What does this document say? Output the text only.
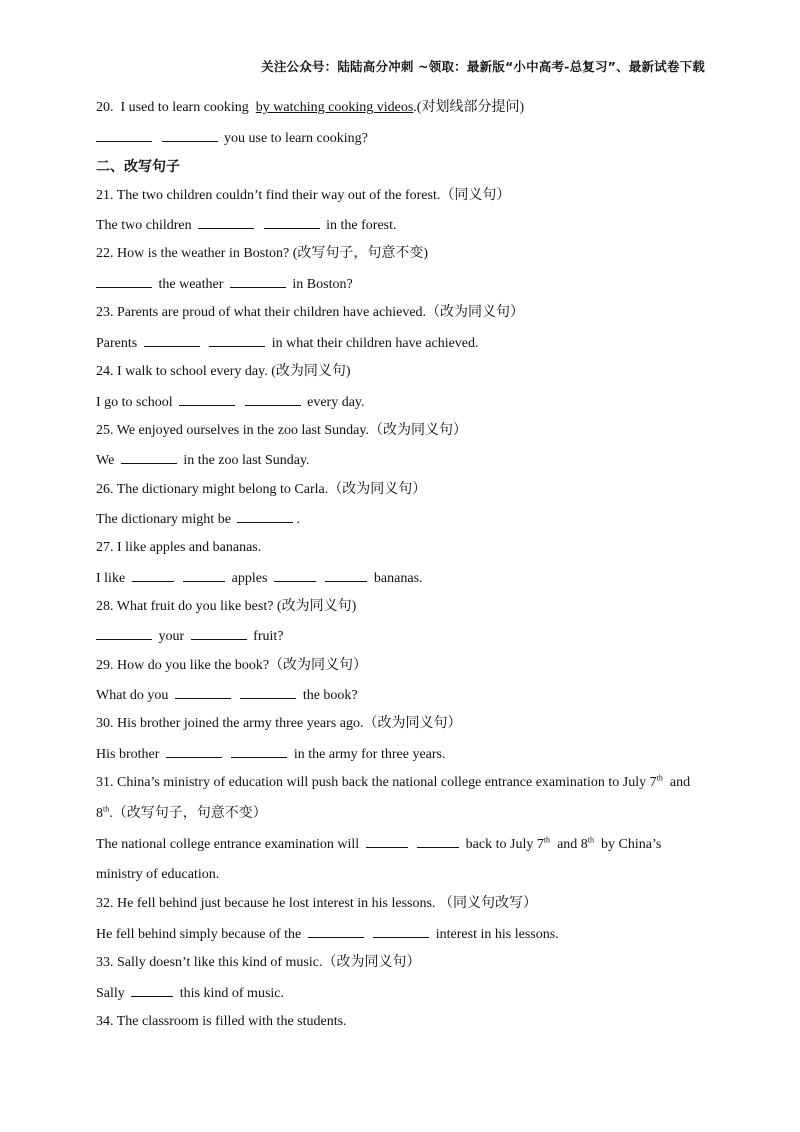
关注公众号：陆陆高分冲刺 ~领取：最新版“小中高考-总复习”、最新试卷下载
20. I used to learn cooking by watching cooking videos.(对划线部分提问)
you use to learn cooking?
二、改写句子
21. The two children couldn’t find their way out of the forest.（同义句）
The two children	in the forest.
22. How is the weather in Boston? (改写句子，句意不变)
the weather	in Boston?
23. Parents are proud of what their children have achieved.（改为同义句）
Parents	in what their children have achieved.
24. I walk to school every day. (改为同义句)
I go to school	every day.
25. We enjoyed ourselves in the zoo last Sunday.（改为同义句）
We	in the zoo last Sunday.
26. The dictionary might belong to Carla.（改为同义句）
The dictionary might be	.
27. I like apples and bananas.
I like	apples	bananas.
28. What fruit do you like best? (改为同义句)
your	fruit?
29. How do you like the book?（改为同义句）
What do you	the book?
30. His brother joined the army three years ago.（改为同义句）
His brother	in the army for three years.
31. China’s ministry of education will push back the national college entrance examination to July 7th and
8th.（改写句子，句意不变）
The national college entrance examination will	back to July 7th and 8th by China’s
ministry of education.
32. He fell behind just because he lost interest in his lessons. （同义句改写）
He fell behind simply because of the	interest in his lessons.
33. Sally doesn’t like this kind of music.（改为同义句）
Sally	this kind of music.
34. The classroom is filled with the students.
